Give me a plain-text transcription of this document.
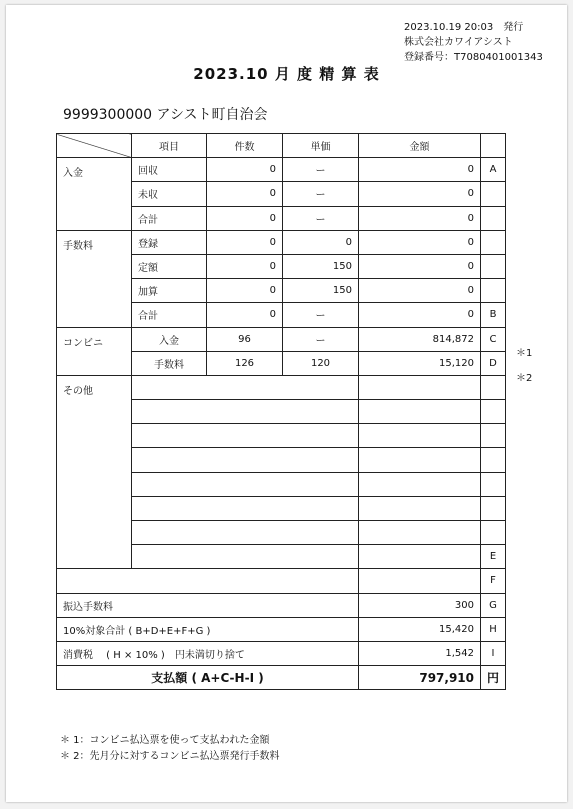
2023.10.19 20:03　発行
株式会社カワイアシスト
登録番号：T7080401001343
2023.10 月 度 精 算 表
9999300000 アシスト町自治会
	項目	件数	単価	金額	
入金	回収	0	ー	0	A
	未収	0	ー	0	
	合計	0	ー	0	
手数料	登録	0	0	0	
	定額	0	150	0	
	加算	0	150	0	
	合計	0	ー	0	B
コンビニ	入金	96	ー	814,872	C
	手数料	126	120	15,120	D
その他					

					E
					F
振込手数料				300	G
10%対象合計 ( B+D+E+F+G )				15,420	H
消費税　 ( H × 10% )　円未満切り捨て				1,542	I
支払額 ( A+C-H-I )				797,910	円
＊1
＊2
＊ 1：コンビニ払込票を使って支払われた金額
＊ 2：先月分に対するコンビニ払込票発行手数料
